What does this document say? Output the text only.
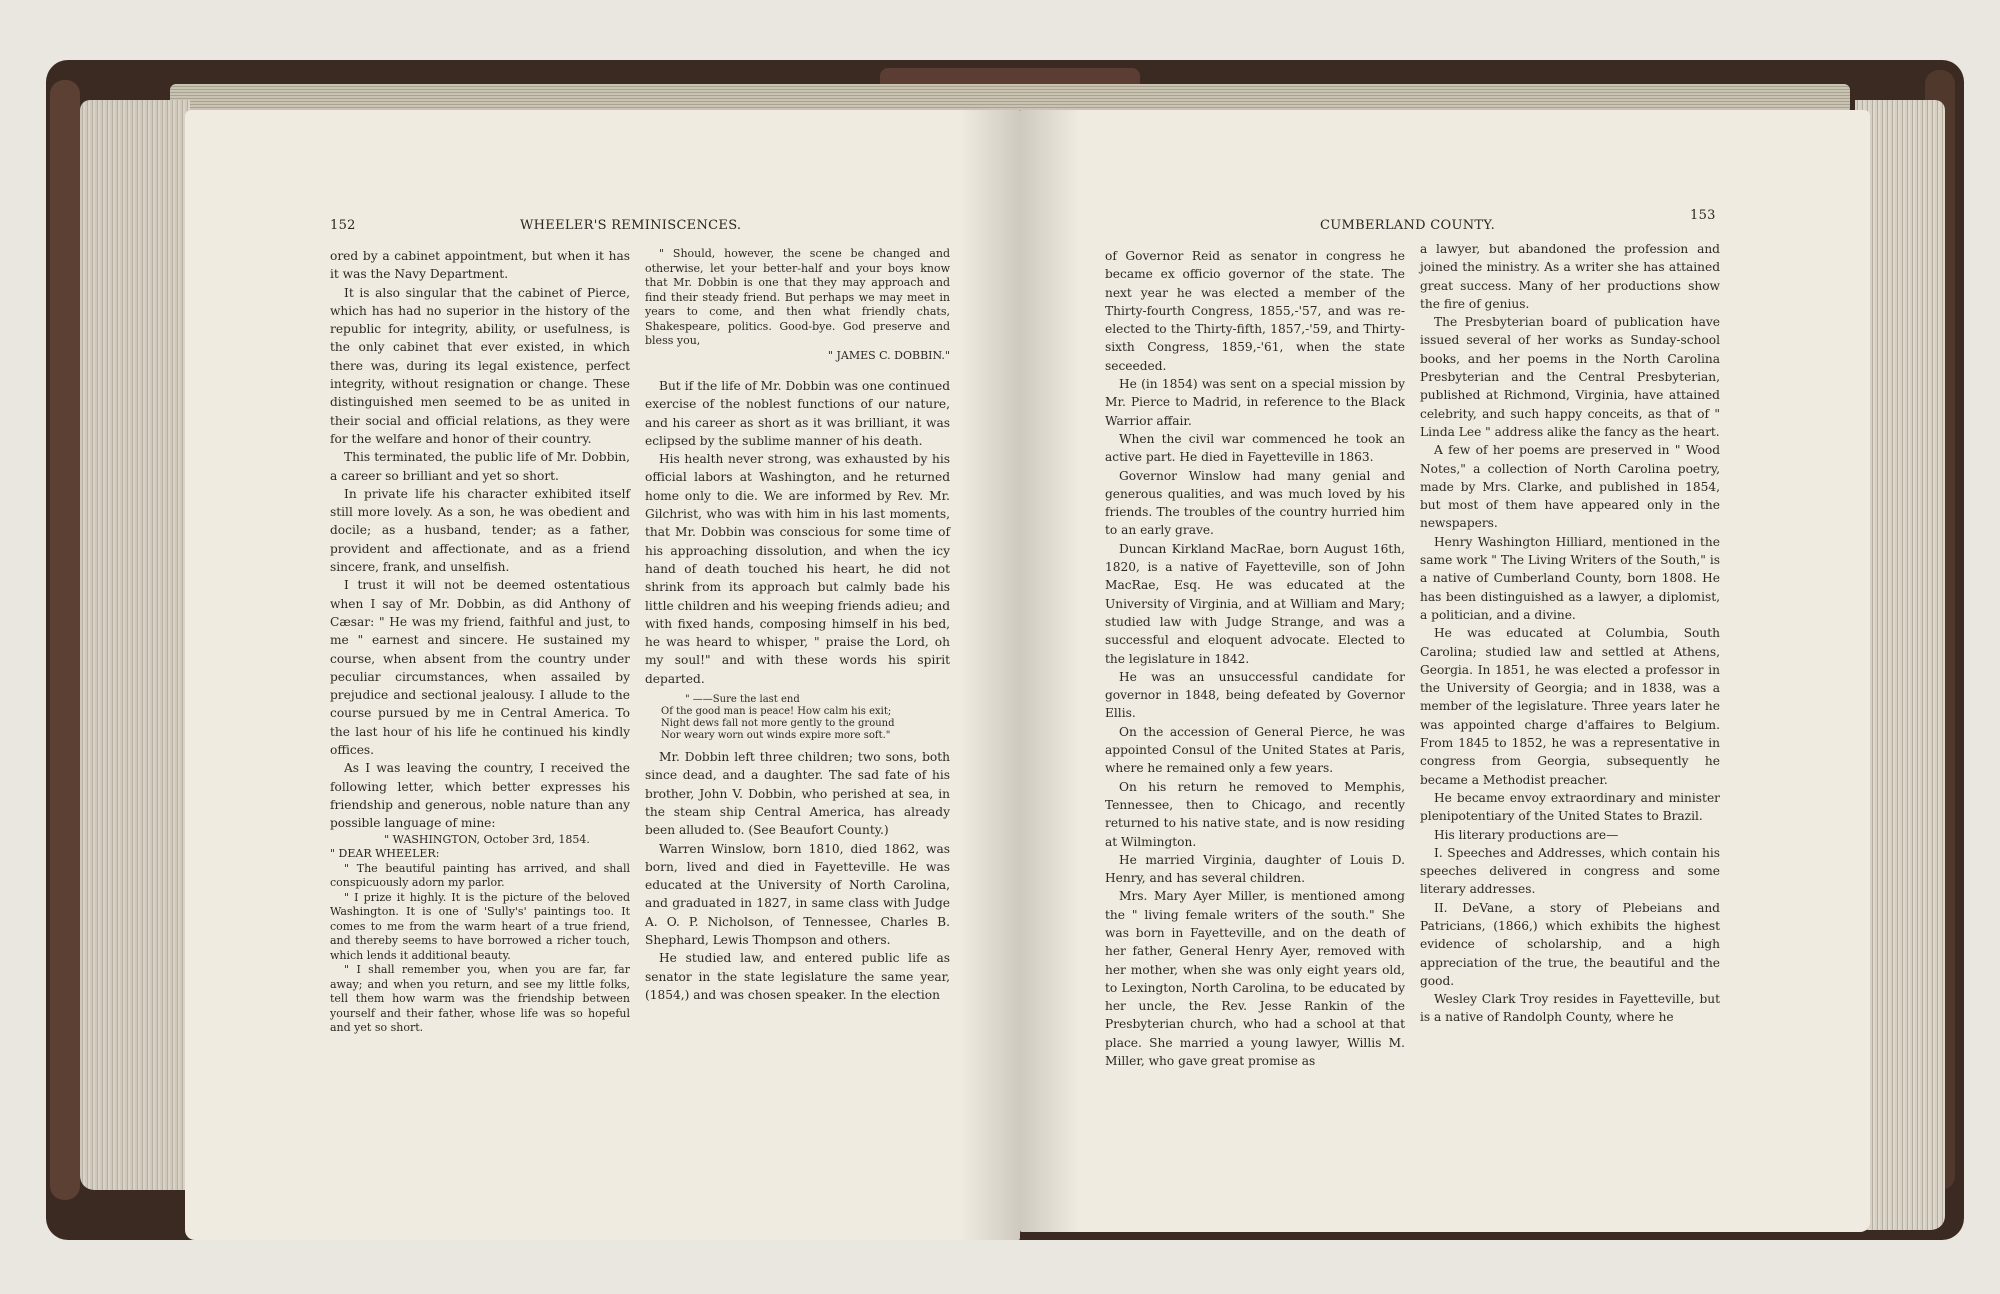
152	WHEELER'S REMINISCENCES.

ored by a cabinet appointment, but when it has it was the Navy Department.

It is also singular that the cabinet of Pierce, which has had no superior in the history of the republic for integrity, ability, or usefulness, is the only cabinet that ever existed, in which there was, during its legal existence, perfect integrity, without resignation or change. These distinguished men seemed to be as united in their social and official relations, as they were for the welfare and honor of their country.

This terminated, the public life of Mr. Dobbin, a career so brilliant and yet so short.

In private life his character exhibited itself still more lovely. As a son, he was obedient and docile; as a husband, tender; as a father, provident and affectionate, and as a friend sincere, frank, and unselfish.

I trust it will not be deemed ostentatious when I say of Mr. Dobbin, as did Anthony of Cæsar: " He was my friend, faithful and just, to me " earnest and sincere. He sustained my course, when absent from the country under peculiar circumstances, when assailed by prejudice and sectional jealousy. I allude to the course pursued by me in Central America. To the last hour of his life he continued his kindly offices.

As I was leaving the country, I received the following letter, which better expresses his friendship and generous, noble nature than any possible language of mine:

" WASHINGTON, October 3rd, 1854.

" DEAR WHEELER:

" The beautiful painting has arrived, and shall conspicuously adorn my parlor.

" I prize it highly. It is the picture of the beloved Washington. It is one of 'Sully's' paintings too. It comes to me from the warm heart of a true friend, and thereby seems to have borrowed a richer touch, which lends it additional beauty.

" I shall remember you, when you are far, far away; and when you return, and see my little folks, tell them how warm was the friendship between yourself and their father, whose life was so hopeful and yet so short.

" Should, however, the scene be changed and otherwise, let your better-half and your boys know that Mr. Dobbin is one that they may approach and find their steady friend. But perhaps we may meet in years to come, and then what friendly chats, Shakespeare, politics. Good-bye. God preserve and bless you,

" JAMES C. DOBBIN."

But if the life of Mr. Dobbin was one continued exercise of the noblest functions of our nature, and his career as short as it was brilliant, it was eclipsed by the sublime manner of his death.

His health never strong, was exhausted by his official labors at Washington, and he returned home only to die. We are informed by Rev. Mr. Gilchrist, who was with him in his last moments, that Mr. Dobbin was conscious for some time of his approaching dissolution, and when the icy hand of death touched his heart, he did not shrink from its approach but calmly bade his little children and his weeping friends adieu; and with fixed hands, composing himself in his bed, he was heard to whisper, " praise the Lord, oh my soul!" and with these words his spirit departed.

" ——Sure the last end

Of the good man is peace! How calm his exit;

Night dews fall not more gently to the ground

Nor weary worn out winds expire more soft."

Mr. Dobbin left three children; two sons, both since dead, and a daughter. The sad fate of his brother, John V. Dobbin, who perished at sea, in the steam ship Central America, has already been alluded to. (See Beaufort County.)

Warren Winslow, born 1810, died 1862, was born, lived and died in Fayetteville. He was educated at the University of North Carolina, and graduated in 1827, in same class with Judge A. O. P. Nicholson, of Tennessee, Charles B. Shephard, Lewis Thompson and others.

He studied law, and entered public life as senator in the state legislature the same year, (1854,) and was chosen speaker. In the election

CUMBERLAND COUNTY.
153

of Governor Reid as senator in congress he became ex officio governor of the state. The next year he was elected a member of the Thirty-fourth Congress, 1855,-'57, and was re-elected to the Thirty-fifth, 1857,-'59, and Thirty-sixth Congress, 1859,-'61, when the state seceeded.

He (in 1854) was sent on a special mission by Mr. Pierce to Madrid, in reference to the Black Warrior affair.

When the civil war commenced he took an active part. He died in Fayetteville in 1863.

Governor Winslow had many genial and generous qualities, and was much loved by his friends. The troubles of the country hurried him to an early grave.

Duncan Kirkland MacRae, born August 16th, 1820, is a native of Fayetteville, son of John MacRae, Esq. He was educated at the University of Virginia, and at William and Mary; studied law with Judge Strange, and was a successful and eloquent advocate. Elected to the legislature in 1842.

He was an unsuccessful candidate for governor in 1848, being defeated by Governor Ellis.

On the accession of General Pierce, he was appointed Consul of the United States at Paris, where he remained only a few years.

On his return he removed to Memphis, Tennessee, then to Chicago, and recently returned to his native state, and is now residing at Wilmington.

He married Virginia, daughter of Louis D. Henry, and has several children.

Mrs. Mary Ayer Miller, is mentioned among the " living female writers of the south." She was born in Fayetteville, and on the death of her father, General Henry Ayer, removed with her mother, when she was only eight years old, to Lexington, North Carolina, to be educated by her uncle, the Rev. Jesse Rankin of the Presbyterian church, who had a school at that place. She married a young lawyer, Willis M. Miller, who gave great promise as

a lawyer, but abandoned the profession and joined the ministry. As a writer she has attained great success. Many of her productions show the fire of genius.

The Presbyterian board of publication have issued several of her works as Sunday-school books, and her poems in the North Carolina Presbyterian and the Central Presbyterian, published at Richmond, Virginia, have attained celebrity, and such happy conceits, as that of " Linda Lee " address alike the fancy as the heart.

A few of her poems are preserved in " Wood Notes," a collection of North Carolina poetry, made by Mrs. Clarke, and published in 1854, but most of them have appeared only in the newspapers.

Henry Washington Hilliard, mentioned in the same work " The Living Writers of the South," is a native of Cumberland County, born 1808. He has been distinguished as a lawyer, a diplomist, a politician, and a divine.

He was educated at Columbia, South Carolina; studied law and settled at Athens, Georgia. In 1851, he was elected a professor in the University of Georgia; and in 1838, was a member of the legislature. Three years later he was appointed charge d'affaires to Belgium. From 1845 to 1852, he was a representative in congress from Georgia, subsequently he became a Methodist preacher.

He became envoy extraordinary and minister plenipotentiary of the United States to Brazil.

His literary productions are—

I. Speeches and Addresses, which contain his speeches delivered in congress and some literary addresses.

II. DeVane, a story of Plebeians and Patricians, (1866,) which exhibits the highest evidence of scholarship, and a high appreciation of the true, the beautiful and the good.

Wesley Clark Troy resides in Fayetteville, but is a native of Randolph County, where he
